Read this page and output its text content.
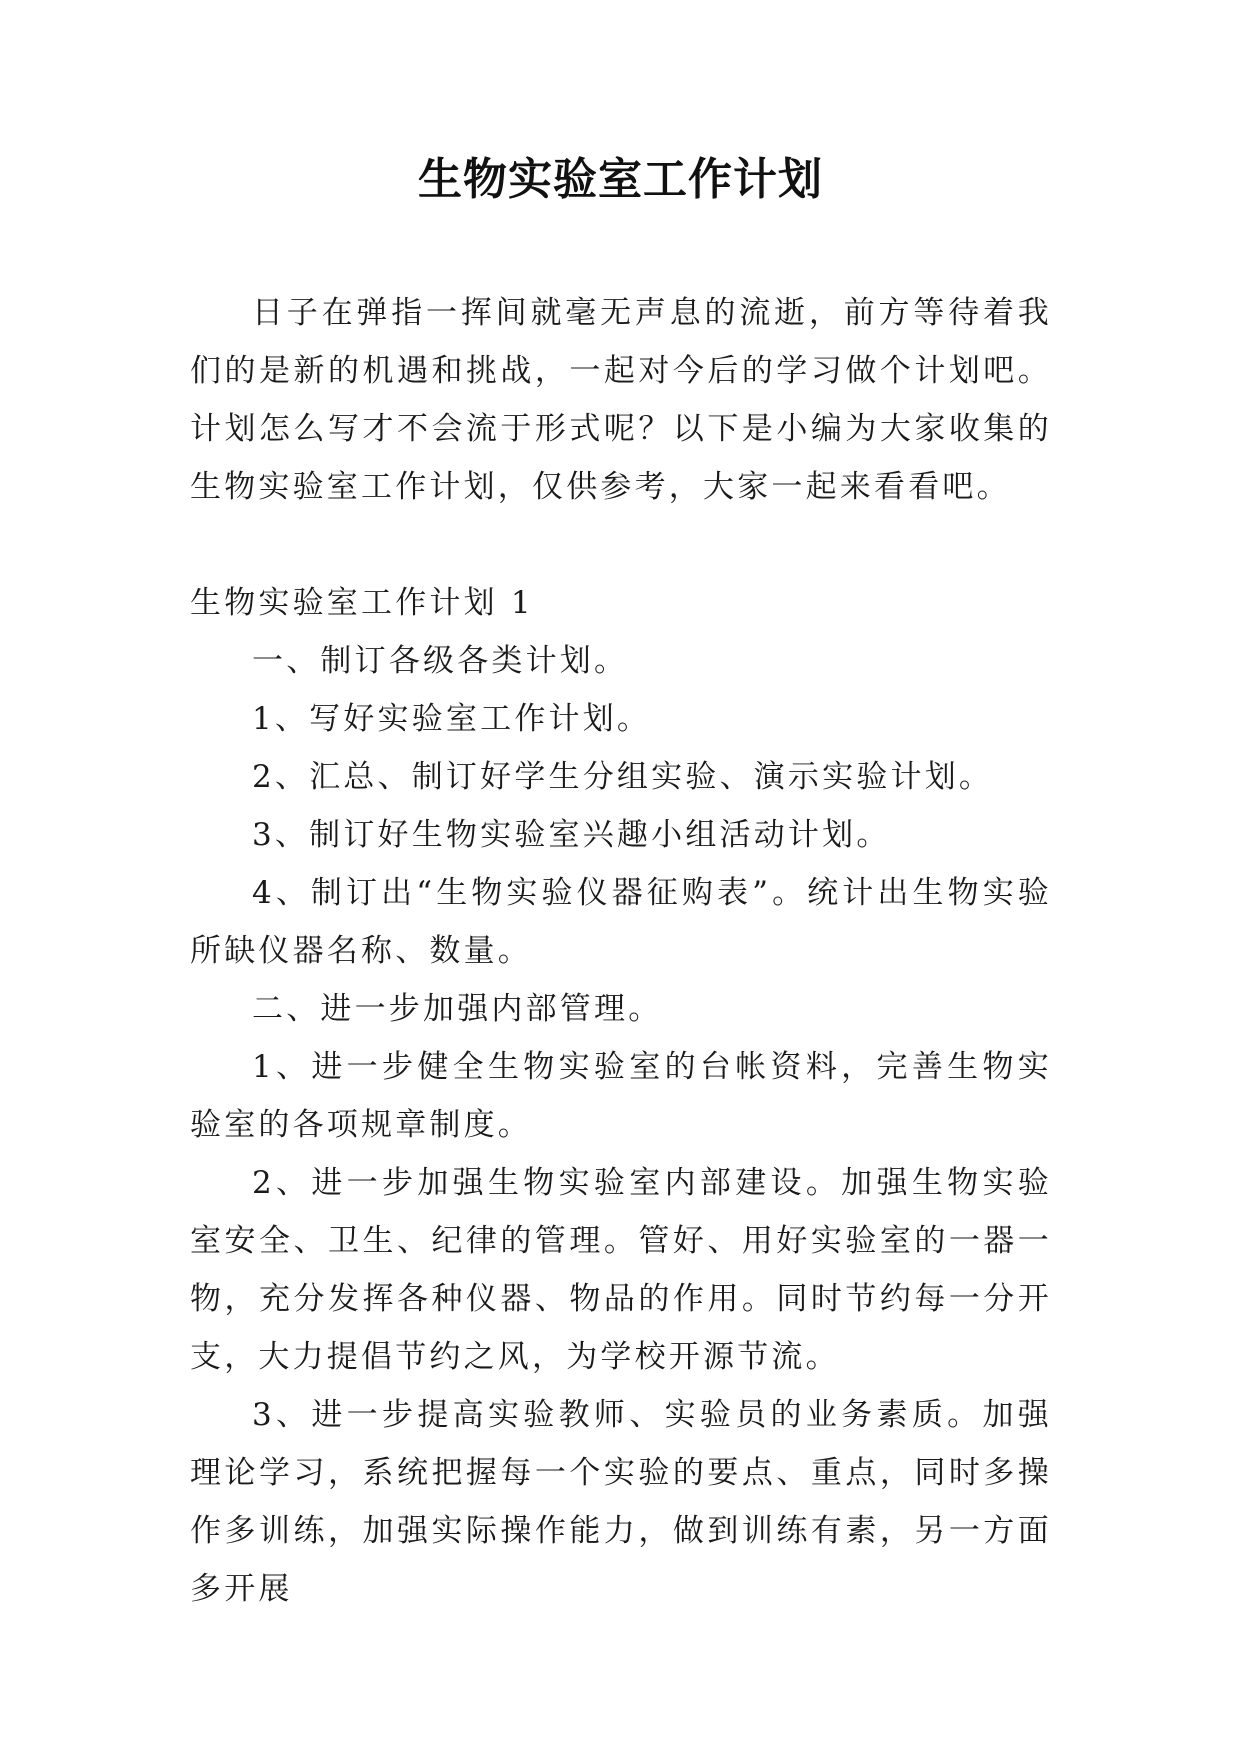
生物实验室工作计划

日子在弹指一挥间就毫无声息的流逝，前方等待着我们的是新的机遇和挑战，一起对今后的学习做个计划吧。计划怎么写才不会流于形式呢？以下是小编为大家收集的生物实验室工作计划，仅供参考，大家一起来看看吧。

生物实验室工作计划 1

一、制订各级各类计划。

1、写好实验室工作计划。

2、汇总、制订好学生分组实验、演示实验计划。

3、制订好生物实验室兴趣小组活动计划。

4、制订出“生物实验仪器征购表”。统计出生物实验所缺仪器名称、数量。

二、进一步加强内部管理。

1、进一步健全生物实验室的台帐资料，完善生物实验室的各项规章制度。

2、进一步加强生物实验室内部建设。加强生物实验室安全、卫生、纪律的管理。管好、用好实验室的一器一物，充分发挥各种仪器、物品的作用。同时节约每一分开支，大力提倡节约之风，为学校开源节流。

3、进一步提高实验教师、实验员的业务素质。加强理论学习，系统把握每一个实验的要点、重点，同时多操作多训练，加强实际操作能力，做到训练有素，另一方面多开展
